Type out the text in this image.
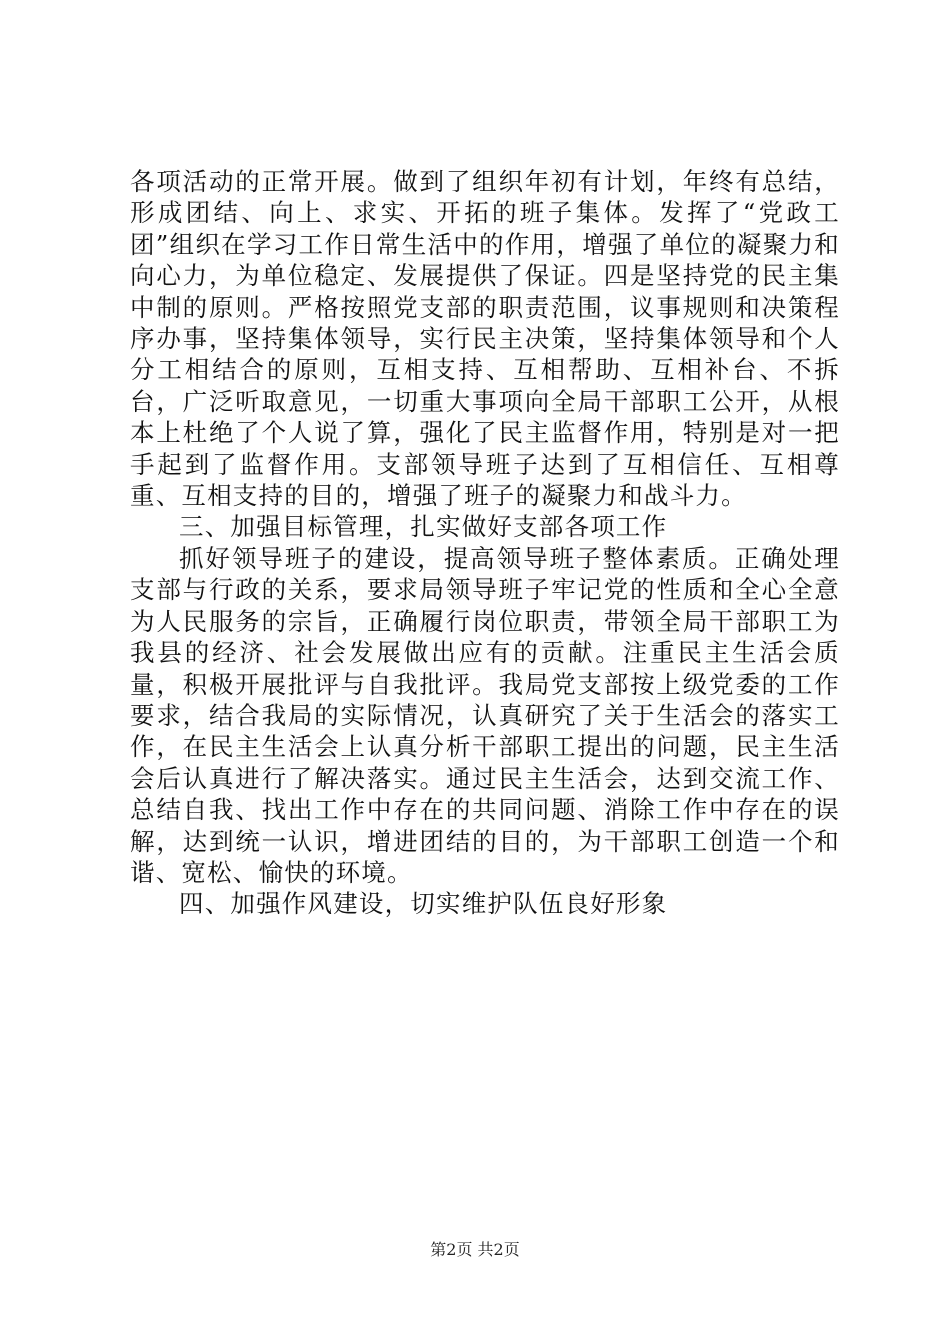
各项活动的正常开展。做到了组织年初有计划，年终有总结，形成团结、向上、求实、开拓的班子集体。发挥了“党政工团”组织在学习工作日常生活中的作用，增强了单位的凝聚力和向心力，为单位稳定、发展提供了保证。四是坚持党的民主集中制的原则。严格按照党支部的职责范围，议事规则和决策程序办事，坚持集体领导，实行民主决策，坚持集体领导和个人分工相结合的原则，互相支持、互相帮助、互相补台、不拆台，广泛听取意见，一切重大事项向全局干部职工公开，从根本上杜绝了个人说了算，强化了民主监督作用，特别是对一把手起到了监督作用。支部领导班子达到了互相信任、互相尊重、互相支持的目的，增强了班子的凝聚力和战斗力。

三、加强目标管理，扎实做好支部各项工作

抓好领导班子的建设，提高领导班子整体素质。正确处理支部与行政的关系，要求局领导班子牢记党的性质和全心全意为人民服务的宗旨，正确履行岗位职责，带领全局干部职工为我县的经济、社会发展做出应有的贡献。注重民主生活会质量，积极开展批评与自我批评。我局党支部按上级党委的工作要求，结合我局的实际情况，认真研究了关于生活会的落实工作，在民主生活会上认真分析干部职工提出的问题，民主生活会后认真进行了解决落实。通过民主生活会，达到交流工作、总结自我、找出工作中存在的共同问题、消除工作中存在的误解，达到统一认识，增进团结的目的，为干部职工创造一个和谐、宽松、愉快的环境。

四、加强作风建设，切实维护队伍良好形象

第2页 共2页
